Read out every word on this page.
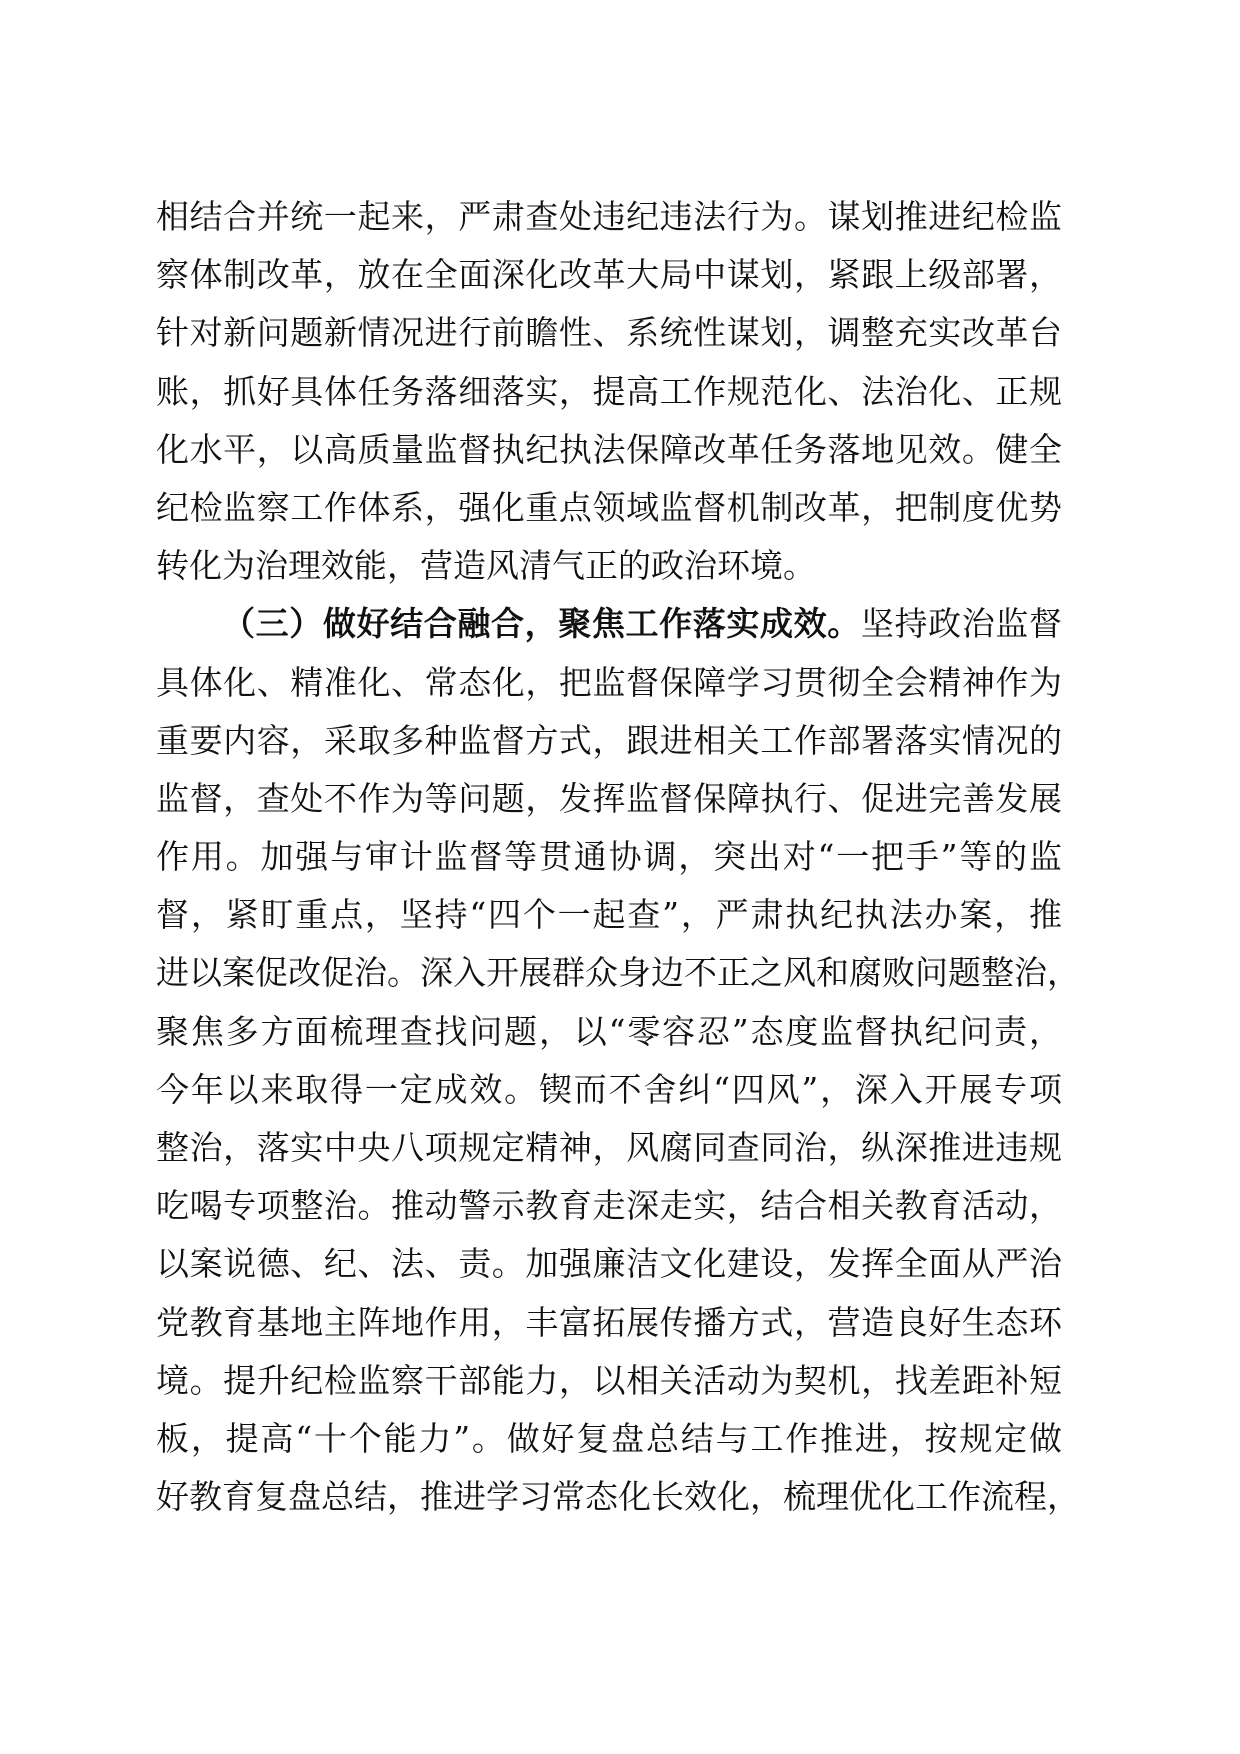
相结合并统一起来，严肃查处违纪违法行为。谋划推进纪检监
察体制改革，放在全面深化改革大局中谋划，紧跟上级部署，
针对新问题新情况进行前瞻性、系统性谋划，调整充实改革台
账，抓好具体任务落细落实，提高工作规范化、法治化、正规
化水平，以高质量监督执纪执法保障改革任务落地见效。健全
纪检监察工作体系，强化重点领域监督机制改革，把制度优势
转化为治理效能，营造风清气正的政治环境。
（三）做好结合融合，聚焦工作落实成效。坚持政治监督
具体化、精准化、常态化，把监督保障学习贯彻全会精神作为
重要内容，采取多种监督方式，跟进相关工作部署落实情况的
监督，查处不作为等问题，发挥监督保障执行、促进完善发展
作用。加强与审计监督等贯通协调，突出对“一把手”等的监
督，紧盯重点，坚持“四个一起查”，严肃执纪执法办案，推
进以案促改促治。深入开展群众身边不正之风和腐败问题整治，
聚焦多方面梳理查找问题，以“零容忍”态度监督执纪问责，
今年以来取得一定成效。锲而不舍纠“四风”，深入开展专项
整治，落实中央八项规定精神，风腐同查同治，纵深推进违规
吃喝专项整治。推动警示教育走深走实，结合相关教育活动，
以案说德、纪、法、责。加强廉洁文化建设，发挥全面从严治
党教育基地主阵地作用，丰富拓展传播方式，营造良好生态环
境。提升纪检监察干部能力，以相关活动为契机，找差距补短
板，提高“十个能力”。做好复盘总结与工作推进，按规定做
好教育复盘总结，推进学习常态化长效化，梳理优化工作流程，
